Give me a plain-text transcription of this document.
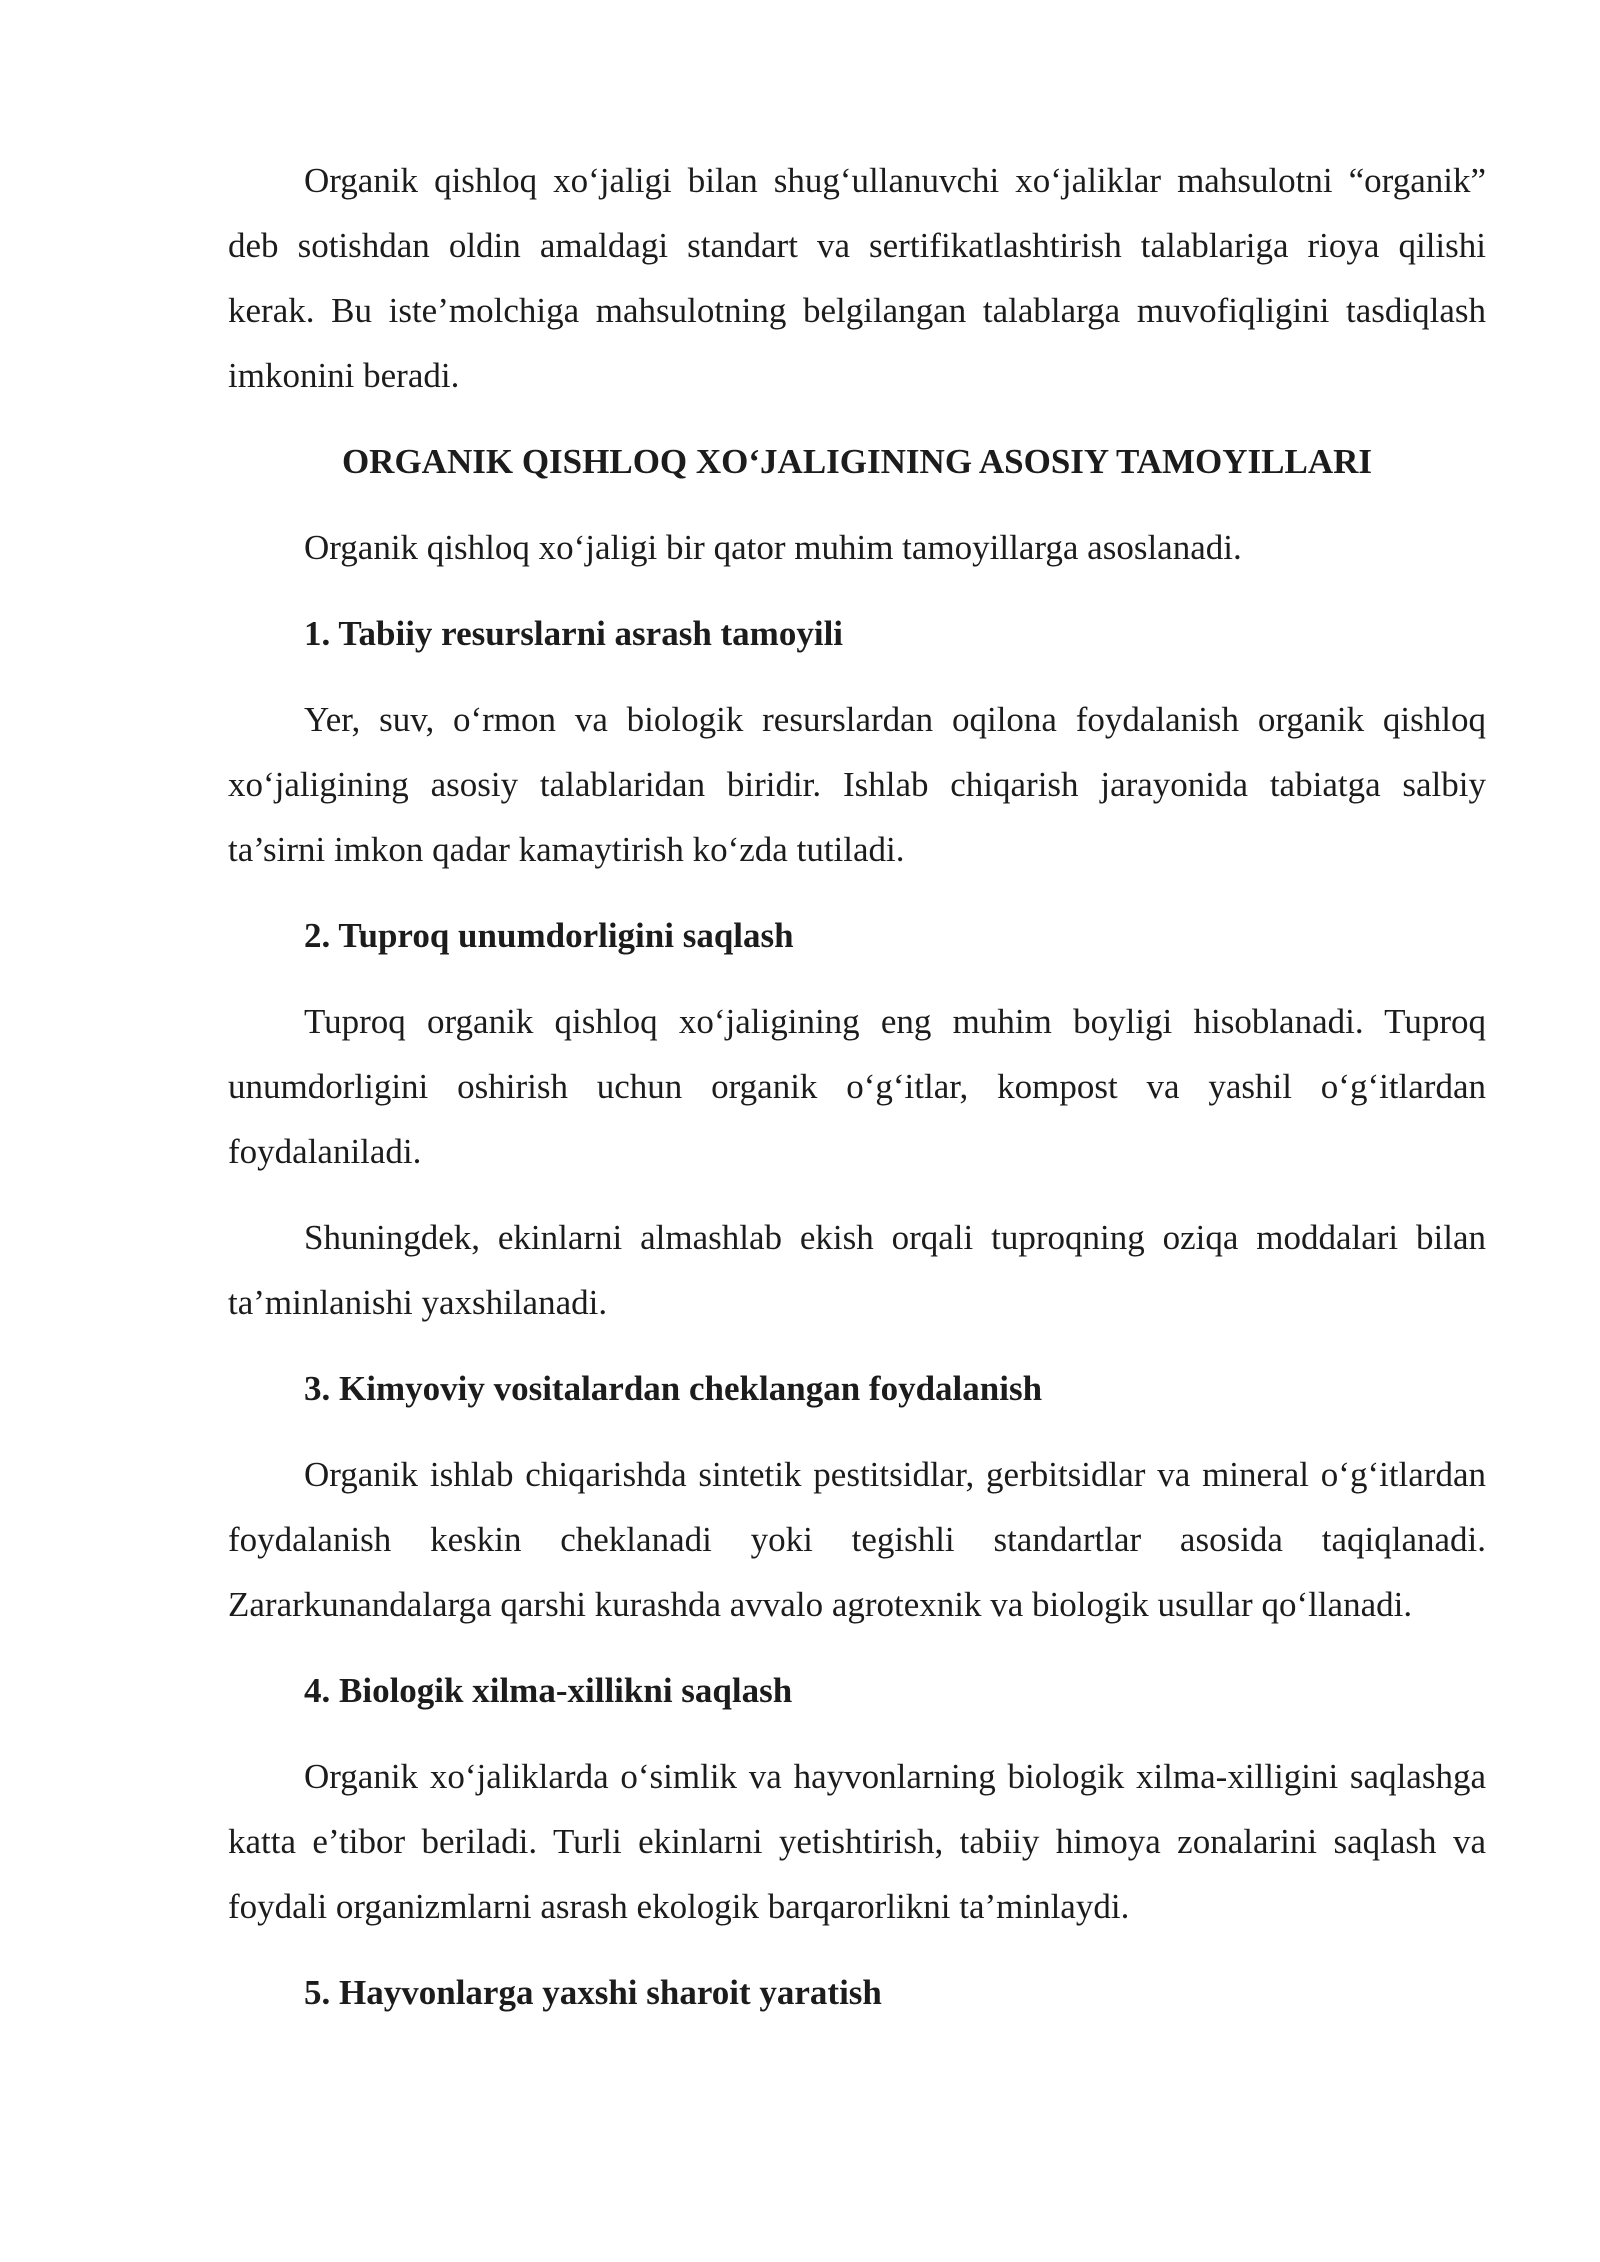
Organik qishloq xo‘jaligi bilan shug‘ullanuvchi xo‘jaliklar mahsulotni “organik” deb sotishdan oldin amaldagi standart va sertifikatlashtirish talablariga rioya qilishi kerak. Bu iste’molchiga mahsulotning belgilangan talablarga muvofiqligini tasdiqlash imkonini beradi.

ORGANIK QISHLOQ XO‘JALIGINING ASOSIY TAMOYILLARI

Organik qishloq xo‘jaligi bir qator muhim tamoyillarga asoslanadi.

1. Tabiiy resurslarni asrash tamoyili

Yer, suv, o‘rmon va biologik resurslardan oqilona foydalanish organik qishloq xo‘jaligining asosiy talablaridan biridir. Ishlab chiqarish jarayonida tabiatga salbiy ta’sirni imkon qadar kamaytirish ko‘zda tutiladi.

2. Tuproq unumdorligini saqlash

Tuproq organik qishloq xo‘jaligining eng muhim boyligi hisoblanadi. Tuproq unumdorligini oshirish uchun organik o‘g‘itlar, kompost va yashil o‘g‘itlardan foydalaniladi.

Shuningdek, ekinlarni almashlab ekish orqali tuproqning oziqa moddalari bilan ta’minlanishi yaxshilanadi.

3. Kimyoviy vositalardan cheklangan foydalanish

Organik ishlab chiqarishda sintetik pestitsidlar, gerbitsidlar va mineral o‘g‘itlardan foydalanish keskin cheklanadi yoki tegishli standartlar asosida taqiqlanadi. Zararkunandalarga qarshi kurashda avvalo agrotexnik va biologik usullar qo‘llanadi.

4. Biologik xilma-xillikni saqlash

Organik xo‘jaliklarda o‘simlik va hayvonlarning biologik xilma-xilligini saqlashga katta e’tibor beriladi. Turli ekinlarni yetishtirish, tabiiy himoya zonalarini saqlash va foydali organizmlarni asrash ekologik barqarorlikni ta’minlaydi.

5. Hayvonlarga yaxshi sharoit yaratish
